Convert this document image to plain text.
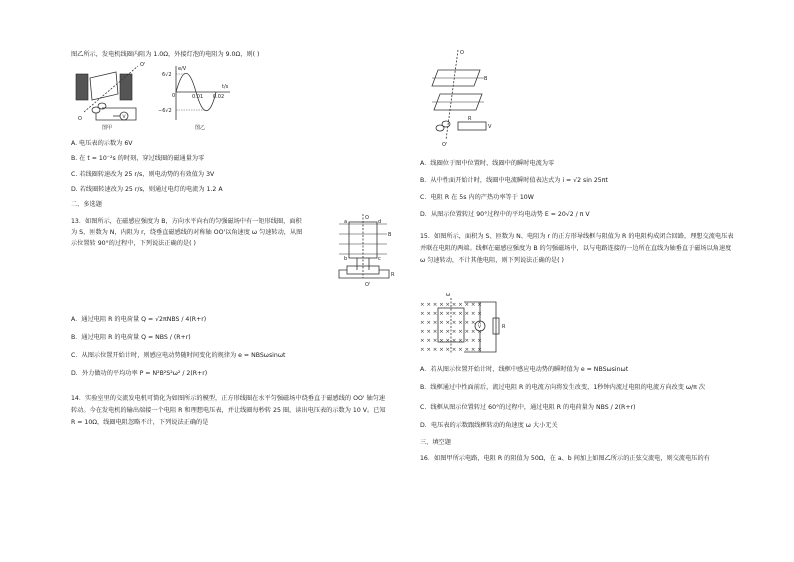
图乙所示，发电机线圈内阻为 1.0Ω，外接灯泡的电阻为 9.0Ω，则( )
O'
O	V
图甲
e/V
6√2
−6√2
0	0.01 0.02
t/s
图乙
A. 电压表的示数为 6V
B. 在 t = 10⁻²s 的时刻，穿过线圈的磁通量为零
C. 若线圈转速改为 25 r/s，则电动势的有效值为 3V
D. 若线圈转速改为 25 r/s，则通过电灯的电流为 1.2 A
二、多选题
13．如图所示，在磁感应强度为 B，方向水平向右的匀强磁场中有一矩形线圈，面积为 S，匝数为 N，内阻为 r，绕垂直磁感线的对称轴 OO'以角速度 ω 匀速转动，从图示位置转 90°的过程中，下列说法正确的是( )
a	d
b	c
O
O'
B
R
A．通过电阻 R 的电荷量 Q = √2πNBS / 4(R+r)
B．通过电阻 R 的电荷量 Q = NBS / (R+r)
C．从图示位置开始计时，则感应电动势随时间变化的规律为 e = NBSωsinωt
D．外力做功的平均功率 P = N²B²S²ω² / 2(R+r)
14．实验室里的交流发电机可简化为如图所示的模型，正方形线圈在水平匀强磁场中绕垂直于磁感线的 OO' 轴匀速转动。今在发电机的输出端接一个电阻 R 和理想电压表，并让线圈每秒转 25 圈，读出电压表的示数为 10 V。已知 R = 10Ω，线圈电阻忽略不计，下列说法正确的是
O
O'
B
R
V
A．线圈位于图中位置时，线圈中的瞬时电流为零
B．从中性面开始计时，线圈中电流瞬时值表达式为 i = √2 sin 25πt
C．电阻 R 在 5s 内的产热功率等于 10W
D．从图示位置转过 90°过程中的平均电动势 E = 20√2 / π V
15．如图所示，面积为 S、匝数为 N、电阻为 r 的正方形导线框与阻值为 R 的电阻构成闭合回路，理想交流电压表并联在电阻的两端。线框在磁感应强度为 B 的匀强磁场中，以与电路连接的一边所在直线为轴垂直于磁场以角速度 ω 匀速转动，不计其他电阻，则下列说法正确的是( )
× × × × × × × × × ×
× × × × × × × × × ×
× × × × × × × × × ×
× × × × × × × × × ×
× × × × × × × × × ×
× × × × × × × × × ×
ω
V	R
A．若从图示位置开始计时，线框中感应电动势的瞬时值为 e = NBSωsinωt
B．线框通过中性面前后，流过电阻 R 的电流方向将发生改变，1秒钟内流过电阻的电流方向改变 ω/π 次
C．线框从图示位置转过 60°的过程中，通过电阻 R 的电荷量为 NBS / 2(R+r)
D．电压表的示数跟线框转动的角速度 ω 大小无关
三、填空题
16．如图甲所示电路，电阻 R 的阻值为 50Ω，在 a、b 间加上如图乙所示的正弦交流电，则交流电压的有
